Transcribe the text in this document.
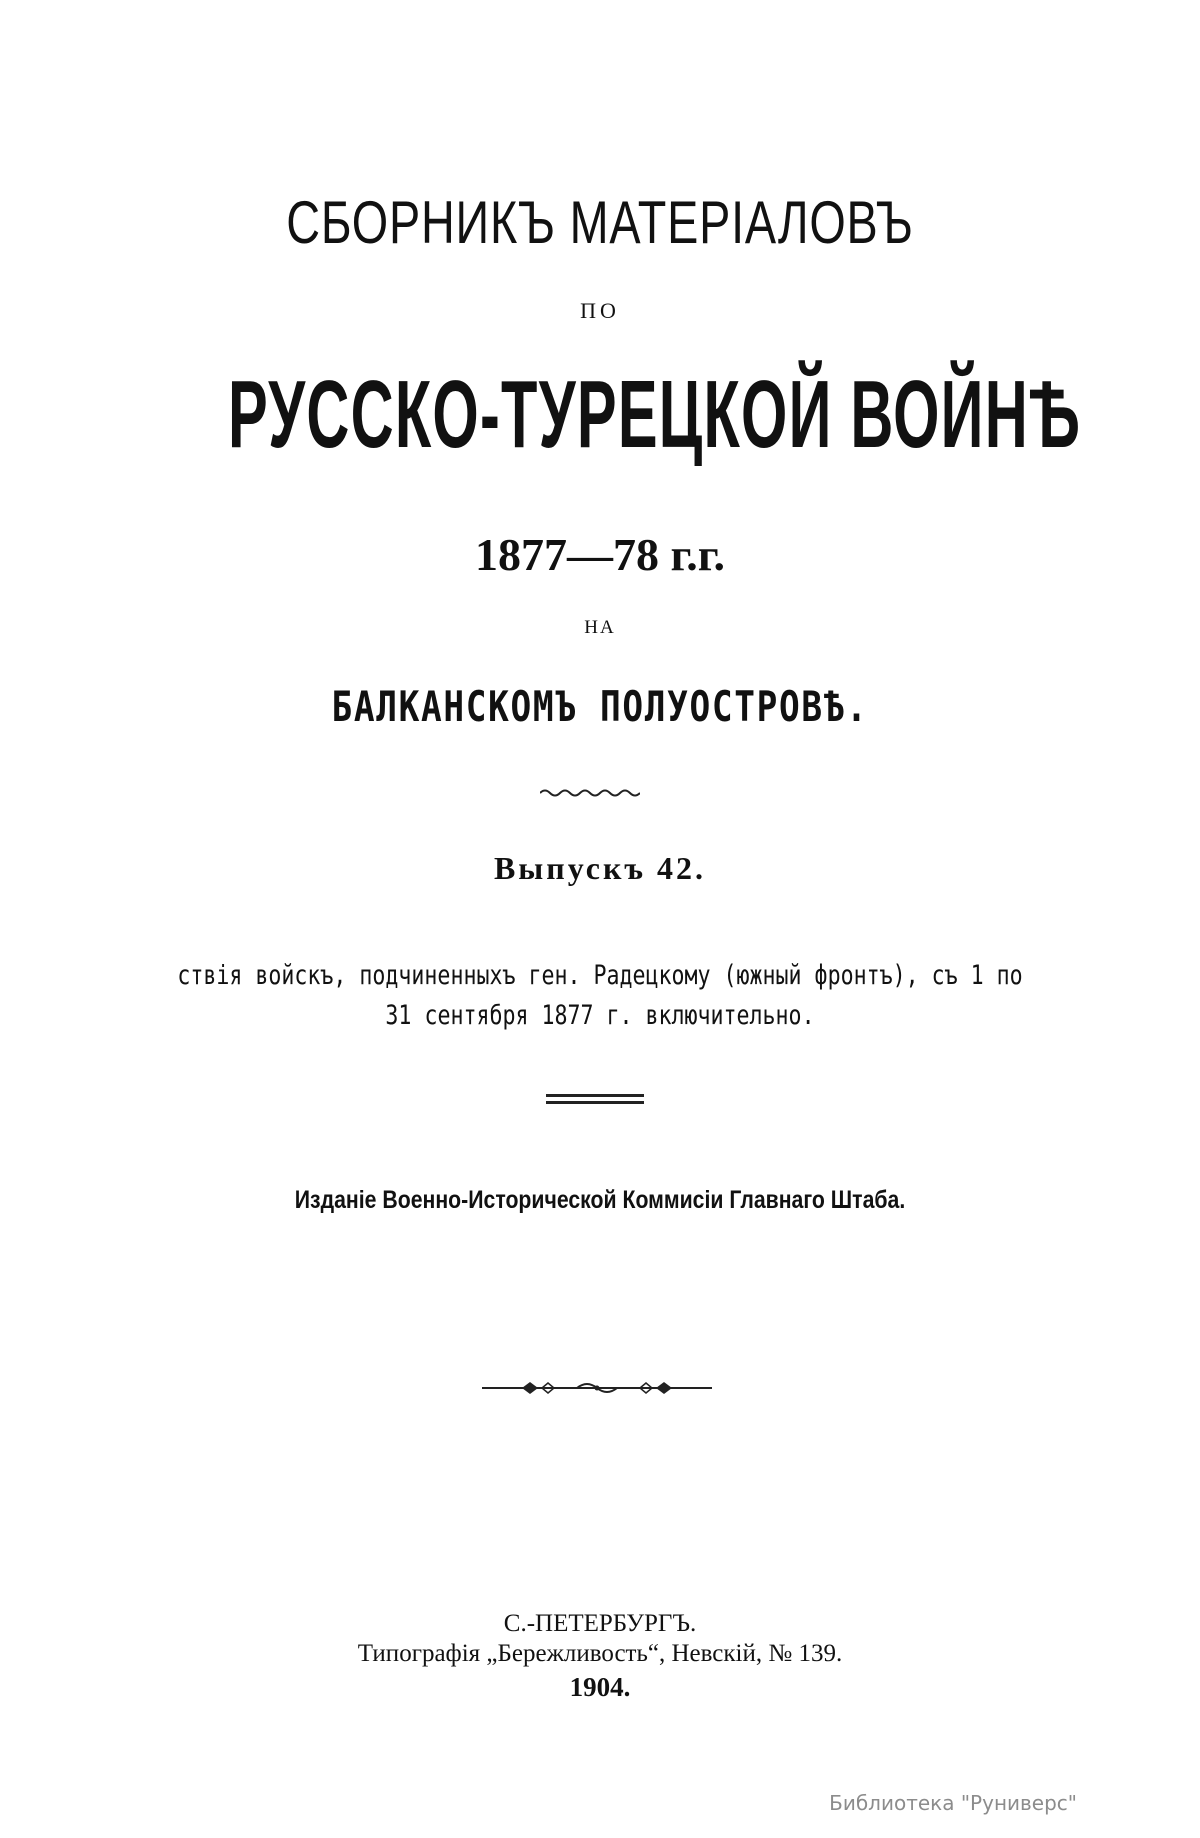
СБОРНИКЪ МАТЕРІАЛОВЪ
ПО
РУССКО-ТУРЕЦКОЙ ВОЙНѢ
1877—78 г.г.
НА
БАЛКАНСКОМЪ ПОЛУОСТРОВѢ.
Выпускъ 42.
ствія войскъ, подчиненныхъ ген. Радецкому (южный фронтъ), съ 1 по
31 сентября 1877 г. включительно.
Изданіе Военно-Исторической Коммисіи Главнаго Штаба.
С.-ПЕТЕРБУРГЪ.
Типографія „Бережливость“, Невскій, № 139.
1904.
Библиотека "Руниверс"
